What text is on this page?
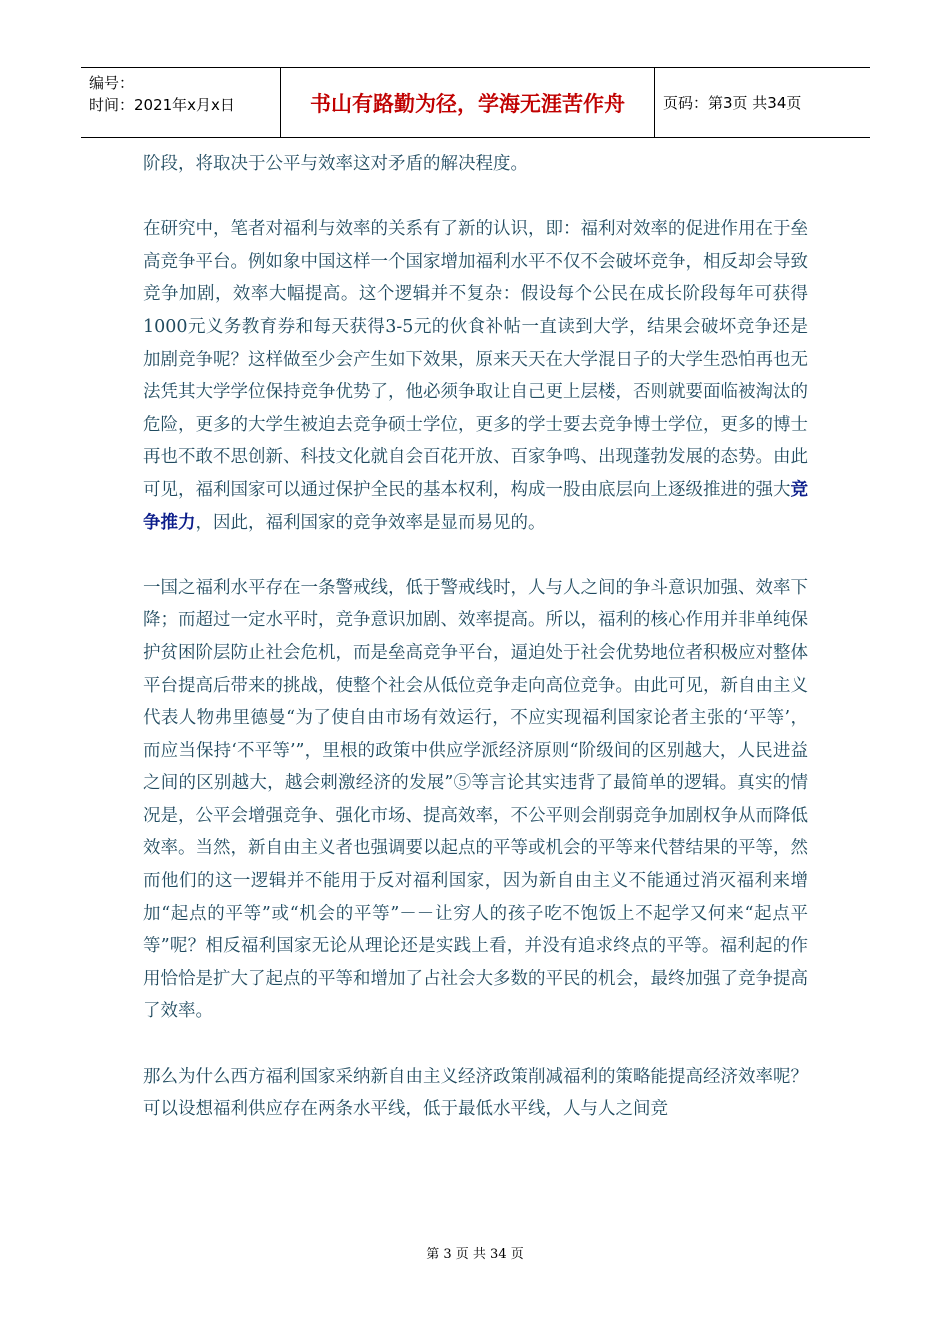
编号：
时间：2021年x月x日	书山有路勤为径，学海无涯苦作舟	页码：第3页 共34页

阶段，将取决于公平与效率这对矛盾的解决程度。

在研究中，笔者对福利与效率的关系有了新的认识，即：福利对效率的促进作用在于垒高竞争平台。例如象中国这样一个国家增加福利水平不仅不会破坏竞争，相反却会导致竞争加剧，效率大幅提高。这个逻辑并不复杂：假设每个公民在成长阶段每年可获得1000元义务教育券和每天获得3-5元的伙食补帖一直读到大学，结果会破坏竞争还是加剧竞争呢？这样做至少会产生如下效果，原来天天在大学混日子的大学生恐怕再也无法凭其大学学位保持竞争优势了，他必须争取让自己更上层楼，否则就要面临被淘汰的危险，更多的大学生被迫去竞争硕士学位，更多的学士要去竞争博士学位，更多的博士再也不敢不思创新、科技文化就自会百花开放、百家争鸣、出现蓬勃发展的态势。由此可见，福利国家可以通过保护全民的基本权利，构成一股由底层向上逐级推进的强大竞争推力，因此，福利国家的竞争效率是显而易见的。

一国之福利水平存在一条警戒线，低于警戒线时，人与人之间的争斗意识加强、效率下降；而超过一定水平时，竞争意识加剧、效率提高。所以，福利的核心作用并非单纯保护贫困阶层防止社会危机，而是垒高竞争平台，逼迫处于社会优势地位者积极应对整体平台提高后带来的挑战，使整个社会从低位竞争走向高位竞争。由此可见，新自由主义代表人物弗里德曼“为了使自由市场有效运行，不应实现福利国家论者主张的‘平等’，而应当保持‘不平等’”，里根的政策中供应学派经济原则“阶级间的区别越大，人民进益之间的区别越大，越会刺激经济的发展”⑤等言论其实违背了最简单的逻辑。真实的情况是，公平会增强竞争、强化市场、提高效率，不公平则会削弱竞争加剧权争从而降低效率。当然，新自由主义者也强调要以起点的平等或机会的平等来代替结果的平等，然而他们的这一逻辑并不能用于反对福利国家，因为新自由主义不能通过消灭福利来增加“起点的平等”或“机会的平等”－－让穷人的孩子吃不饱饭上不起学又何来“起点平等”呢？相反福利国家无论从理论还是实践上看，并没有追求终点的平等。福利起的作用恰恰是扩大了起点的平等和增加了占社会大多数的平民的机会，最终加强了竞争提高了效率。

那么为什么西方福利国家采纳新自由主义经济政策削减福利的策略能提高经济效率呢？可以设想福利供应存在两条水平线，低于最低水平线，人与人之间竞

第 3 页 共 34 页
